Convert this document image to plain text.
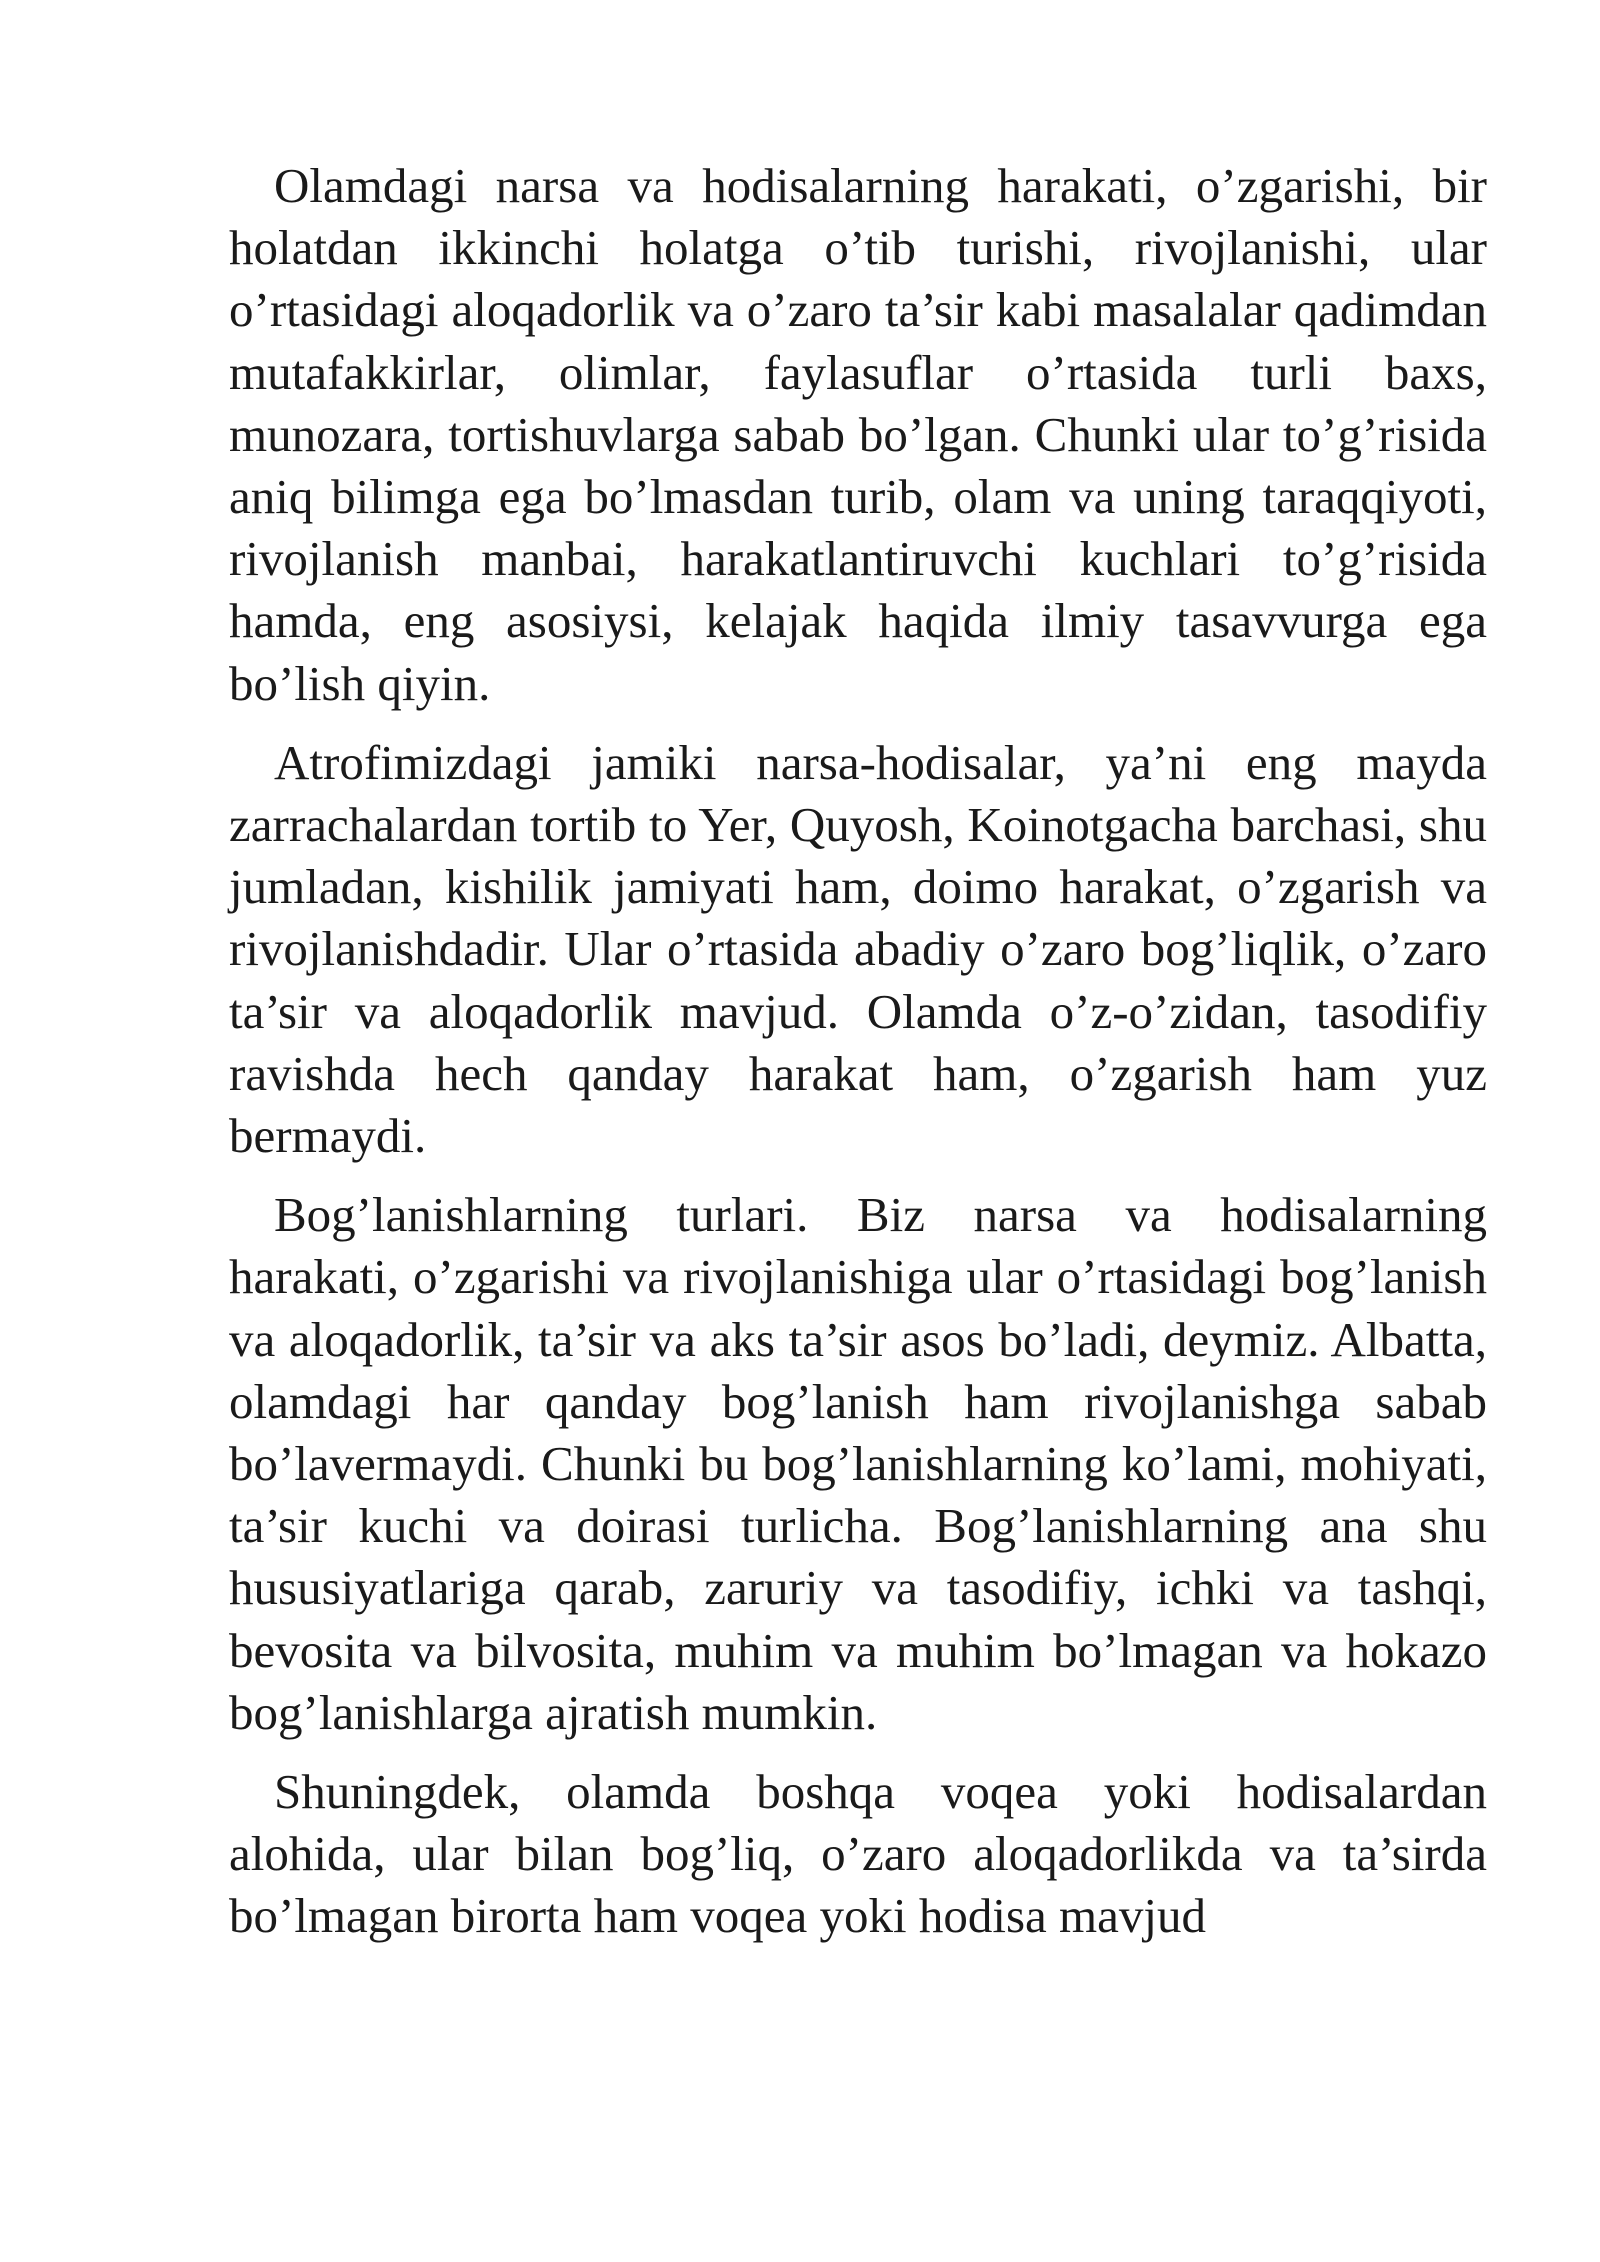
Olamdagi narsa va hodisalarning harakati, o’zgarishi, bir holatdan ikkinchi holatga o’tib turishi, rivojlanishi, ular o’rtasidagi aloqadorlik va o’zaro ta’sir kabi masalalar qadimdan mutafakkirlar, olimlar, faylasuflar o’rtasida turli baxs, munozara, tortishuvlarga sabab bo’lgan. Chunki ular to’g’risida aniq bilimga ega bo’lmasdan turib, olam va uning taraqqiyoti, rivojlanish manbai, harakatlantiruvchi kuchlari to’g’risida hamda, eng asosiysi, kelajak haqida ilmiy tasavvurga ega bo’lish qiyin.

Atrofimizdagi jamiki narsa-hodisalar, ya’ni eng mayda zarrachalardan tortib to Yer, Quyosh, Koinotgacha barchasi, shu jumladan, kishilik jamiyati ham, doimo harakat, o’zgarish va rivojlanishdadir. Ular o’rtasida abadiy o’zaro bog’liqlik, o’zaro ta’sir va aloqadorlik mavjud. Olamda o’z-o’zidan, tasodifiy ravishda hech qanday harakat ham, o’zgarish ham yuz bermaydi.

Bog’lanishlarning turlari. Biz narsa va hodisalarning harakati, o’zgarishi va rivojlanishiga ular o’rtasidagi bog’lanish va aloqadorlik, ta’sir va aks ta’sir asos bo’ladi, deymiz. Albatta, olamdagi har qanday bog’lanish ham rivojlanishga sabab bo’lavermaydi. Chunki bu bog’lanishlarning ko’lami, mohiyati, ta’sir kuchi va doirasi turlicha. Bog’lanishlarning ana shu hususiyatlariga qarab, zaruriy va tasodifiy, ichki va tashqi, bevosita va bilvosita, muhim va muhim bo’lmagan va hokazo bog’lanishlarga ajratish mumkin.

Shuningdek, olamda boshqa voqea yoki hodisalardan alohida, ular bilan bog’liq, o’zaro aloqadorlikda va ta’sirda bo’lmagan birorta ham voqea yoki hodisa mavjud
